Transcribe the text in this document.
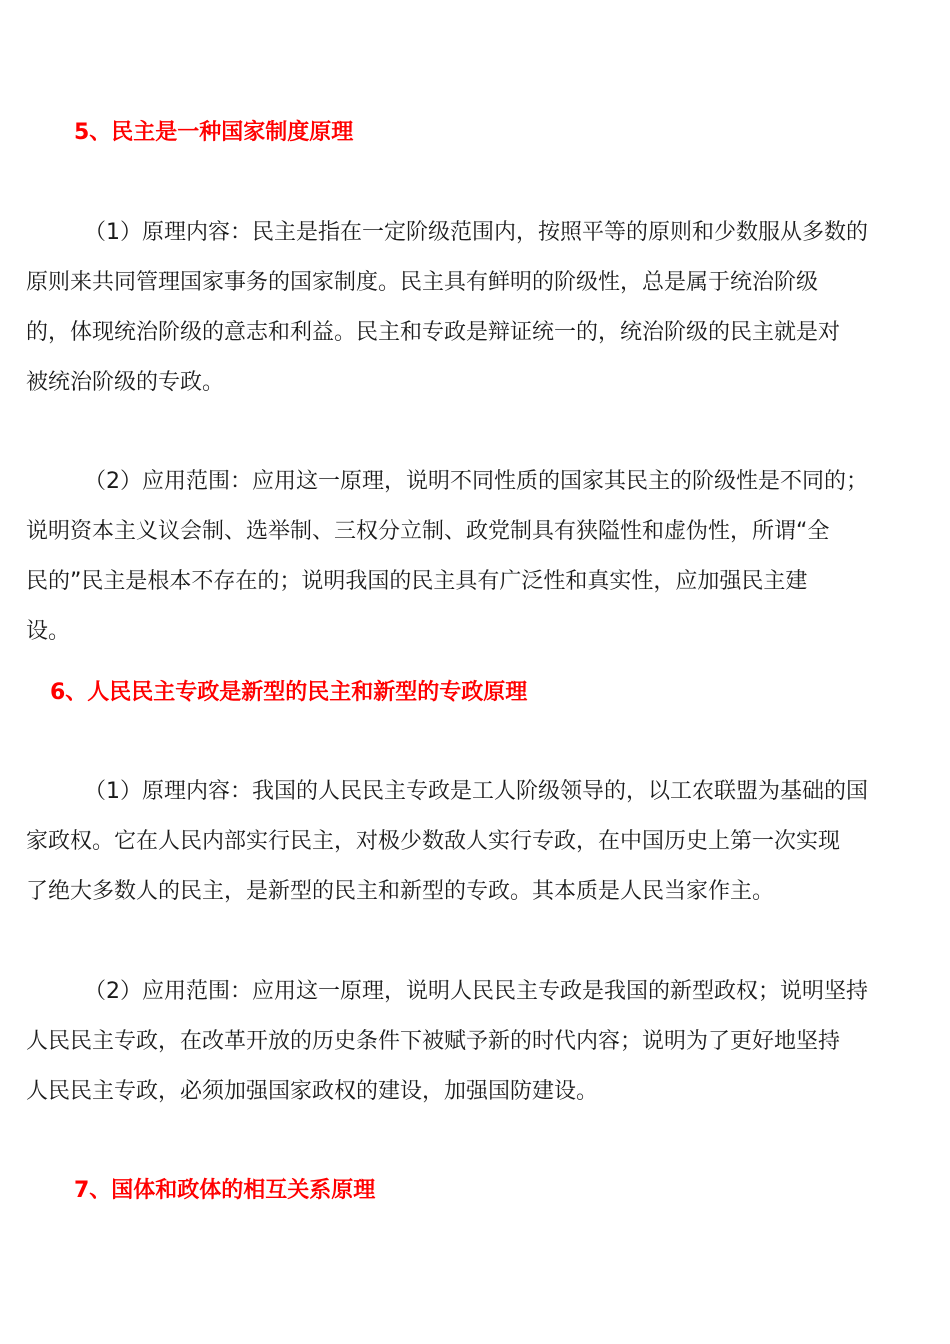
5、民主是一种国家制度原理
（1）原理内容：民主是指在一定阶级范围内，按照平等的原则和少数服从多数的
原则来共同管理国家事务的国家制度。民主具有鲜明的阶级性，总是属于统治阶级
的，体现统治阶级的意志和利益。民主和专政是辩证统一的，统治阶级的民主就是对
被统治阶级的专政。
（2）应用范围：应用这一原理，说明不同性质的国家其民主的阶级性是不同的；
说明资本主义议会制、选举制、三权分立制、政党制具有狭隘性和虚伪性，所谓“全
民的”民主是根本不存在的；说明我国的民主具有广泛性和真实性，应加强民主建
设。
6、人民民主专政是新型的民主和新型的专政原理
（1）原理内容：我国的人民民主专政是工人阶级领导的，以工农联盟为基础的国
家政权。它在人民内部实行民主，对极少数敌人实行专政，在中国历史上第一次实现
了绝大多数人的民主，是新型的民主和新型的专政。其本质是人民当家作主。
（2）应用范围：应用这一原理，说明人民民主专政是我国的新型政权；说明坚持
人民民主专政，在改革开放的历史条件下被赋予新的时代内容；说明为了更好地坚持
人民民主专政，必须加强国家政权的建设，加强国防建设。
7、国体和政体的相互关系原理
